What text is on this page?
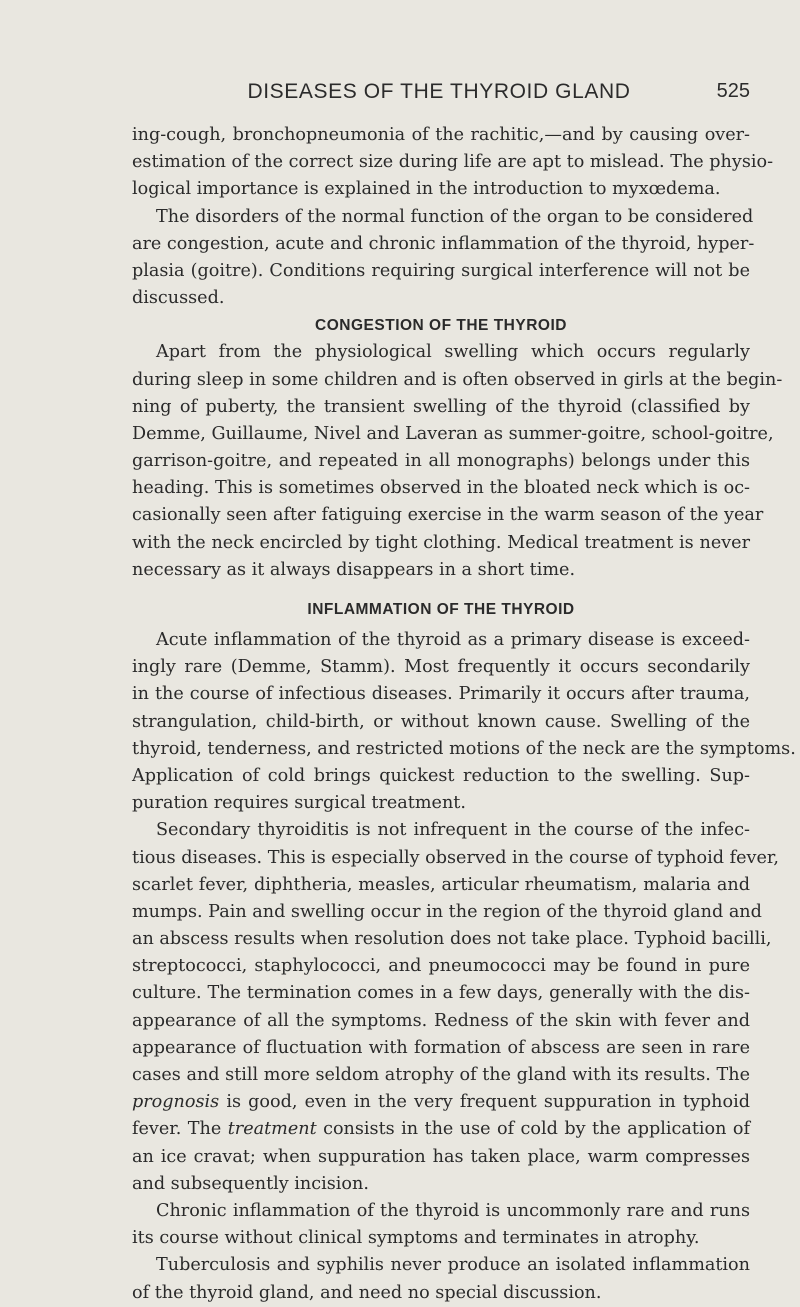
DISEASES OF THE THYROID GLAND	525
ing-cough, bronchopneumonia of the rachitic,—and by causing over-
estimation of the correct size during life are apt to mislead. The physio-
logical importance is explained in the introduction to myxœdema.
The disorders of the normal function of the organ to be considered
are congestion, acute and chronic inflammation of the thyroid, hyper-
plasia (goitre). Conditions requiring surgical interference will not be
discussed.
CONGESTION OF THE THYROID
Apart from the physiological swelling which occurs regularly
during sleep in some children and is often observed in girls at the begin-
ning of puberty, the transient swelling of the thyroid (classified by
Demme, Guillaume, Nivel and Laveran as summer-goitre, school-goitre,
garrison-goitre, and repeated in all monographs) belongs under this
heading. This is sometimes observed in the bloated neck which is oc-
casionally seen after fatiguing exercise in the warm season of the year
with the neck encircled by tight clothing. Medical treatment is never
necessary as it always disappears in a short time.
INFLAMMATION OF THE THYROID
Acute inflammation of the thyroid as a primary disease is exceed-
ingly rare (Demme, Stamm). Most frequently it occurs secondarily
in the course of infectious diseases. Primarily it occurs after trauma,
strangulation, child-birth, or without known cause. Swelling of the
thyroid, tenderness, and restricted motions of the neck are the symptoms.
Application of cold brings quickest reduction to the swelling. Sup-
puration requires surgical treatment.
Secondary thyroiditis is not infrequent in the course of the infec-
tious diseases. This is especially observed in the course of typhoid fever,
scarlet fever, diphtheria, measles, articular rheumatism, malaria and
mumps. Pain and swelling occur in the region of the thyroid gland and
an abscess results when resolution does not take place. Typhoid bacilli,
streptococci, staphylococci, and pneumococci may be found in pure
culture. The termination comes in a few days, generally with the dis-
appearance of all the symptoms. Redness of the skin with fever and
appearance of fluctuation with formation of abscess are seen in rare
cases and still more seldom atrophy of the gland with its results. The
prognosis is good, even in the very frequent suppuration in typhoid
fever. The treatment consists in the use of cold by the application of
an ice cravat; when suppuration has taken place, warm compresses
and subsequently incision.
Chronic inflammation of the thyroid is uncommonly rare and runs
its course without clinical symptoms and terminates in atrophy.
Tuberculosis and syphilis never produce an isolated inflammation
of the thyroid gland, and need no special discussion.
